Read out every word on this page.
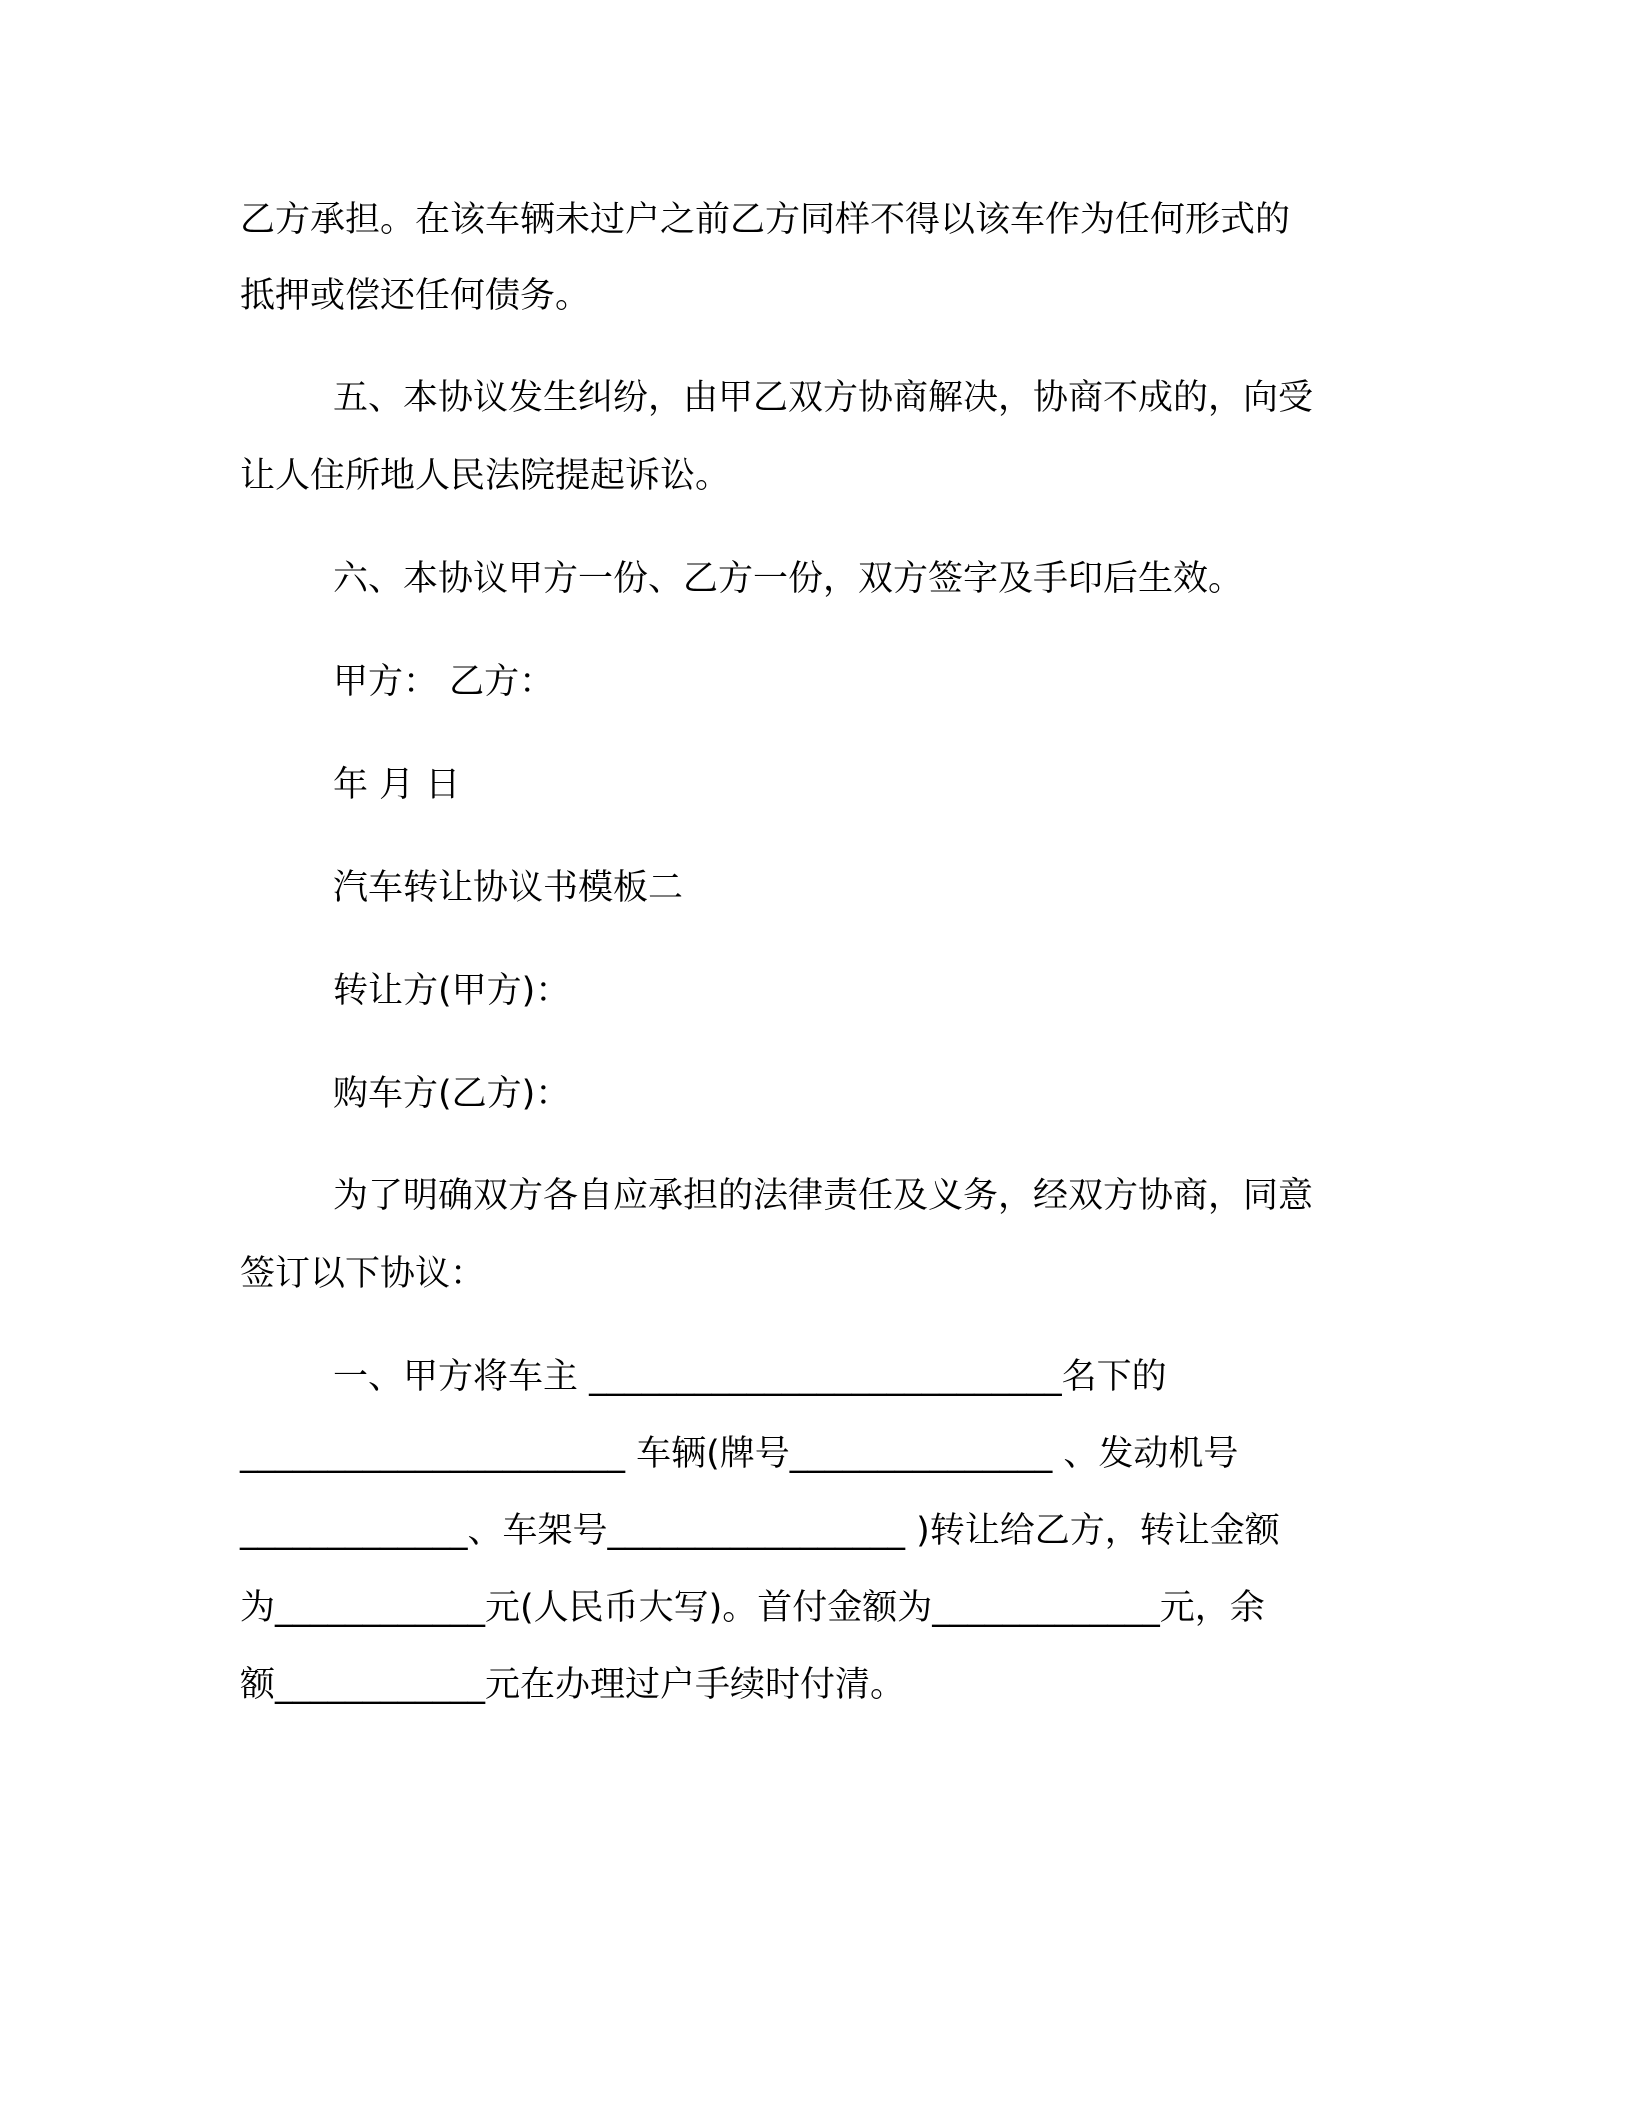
乙方承担。在该车辆未过户之前乙方同样不得以该车作为任何形式的
抵押或偿还任何债务。
五、本协议发生纠纷，由甲乙双方协商解决，协商不成的，向受
让人住所地人民法院提起诉讼。
六、本协议甲方一份、乙方一份，双方签字及手印后生效。
甲方： 乙方：
年 月 日
汽车转让协议书模板二
转让方(甲方)：
购车方(乙方)：
为了明确双方各自应承担的法律责任及义务，经双方协商，同意
签订以下协议：
一、甲方将车主 ___________________________名下的
______________________ 车辆(牌号_______________ 、发动机号
_____________、车架号_________________ )转让给乙方，转让金额
为____________元(人民币大写)。首付金额为_____________元，余
额____________元在办理过户手续时付清。
